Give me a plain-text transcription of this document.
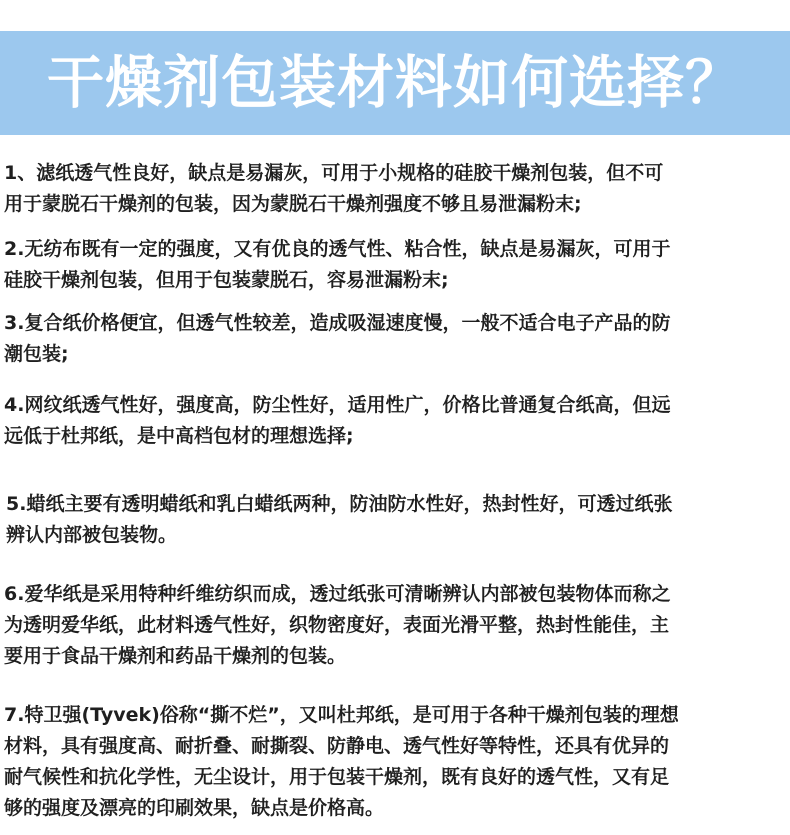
干燥剂包装材料如何选择？
1、滤纸透气性良好，缺点是易漏灰，可用于小规格的硅胶干燥剂包装，但不可
用于蒙脱石干燥剂的包装，因为蒙脱石干燥剂强度不够且易泄漏粉末;
2.无纺布既有一定的强度，又有优良的透气性、粘合性，缺点是易漏灰，可用于
硅胶干燥剂包装，但用于包装蒙脱石，容易泄漏粉末;
3.复合纸价格便宜，但透气性较差，造成吸湿速度慢，一般不适合电子产品的防
潮包装;
4.网纹纸透气性好，强度高，防尘性好，适用性广，价格比普通复合纸高，但远
远低于杜邦纸，是中高档包材的理想选择;
5.蜡纸主要有透明蜡纸和乳白蜡纸两种，防油防水性好，热封性好，可透过纸张
辨认内部被包装物。
6.爱华纸是采用特种纤维纺织而成，透过纸张可清晰辨认内部被包装物体而称之
为透明爱华纸，此材料透气性好，织物密度好，表面光滑平整，热封性能佳，主
要用于食品干燥剂和药品干燥剂的包装。
7.特卫强(Tyvek)俗称“撕不烂”，又叫杜邦纸，是可用于各种干燥剂包装的理想
材料，具有强度高、耐折叠、耐撕裂、防静电、透气性好等特性，还具有优异的
耐气候性和抗化学性，无尘设计，用于包装干燥剂，既有良好的透气性，又有足
够的强度及漂亮的印刷效果，缺点是价格高。
